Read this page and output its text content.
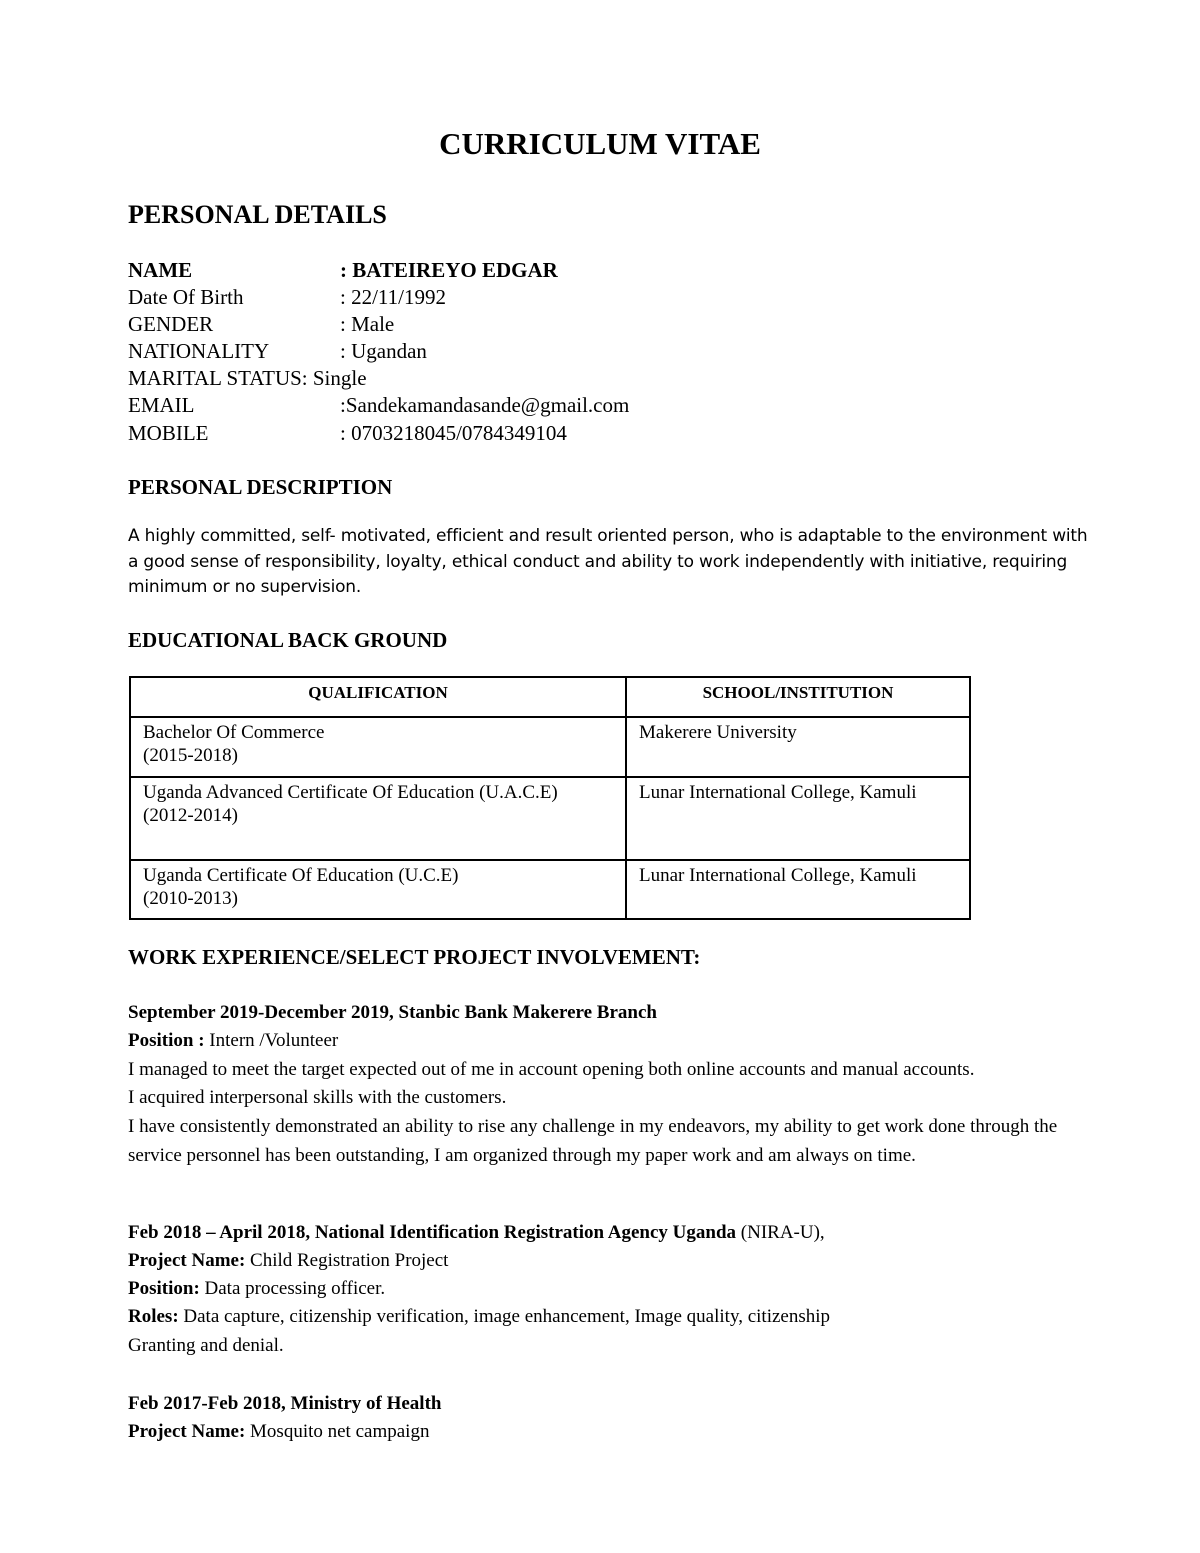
CURRICULUM VITAE
PERSONAL DETAILS
NAME	: BATEIREYO EDGAR
Date Of Birth	: 22/11/1992
GENDER	: Male
NATIONALITY	: Ugandan
MARITAL STATUS: Single
EMAIL	:Sandekamandasande@gmail.com
MOBILE	: 0703218045/0784349104
PERSONAL DESCRIPTION
A highly committed, self- motivated, efficient and result oriented person, who is adaptable to the environment with a good sense of responsibility, loyalty, ethical conduct and ability to work independently with initiative, requiring minimum or no supervision.
EDUCATIONAL BACK GROUND
QUALIFICATION	SCHOOL/INSTITUTION

Bachelor Of Commerce
(2015-2018)	Makerere University

Uganda Advanced Certificate Of Education (U.A.C.E)
(2012-2014)	Lunar International College, Kamuli

Uganda Certificate Of Education (U.C.E)
(2010-2013)	Lunar International College, Kamuli
WORK EXPERIENCE/SELECT PROJECT INVOLVEMENT:
September 2019-December 2019, Stanbic Bank Makerere Branch
Position : Intern /Volunteer
I managed to meet the target expected out of me in account opening both online accounts and manual accounts.
I acquired interpersonal skills with the customers.
I have consistently demonstrated an ability to rise any challenge in my endeavors, my ability to get work done through the service personnel has been outstanding, I am organized through my paper work and am always on time.
Feb 2018 – April 2018, National Identification Registration Agency Uganda (NIRA-U),
Project Name: Child Registration Project
Position: Data processing officer.
Roles: Data capture, citizenship verification, image enhancement, Image quality, citizenship
Granting and denial.
Feb 2017-Feb 2018, Ministry of Health
Project Name: Mosquito net campaign
